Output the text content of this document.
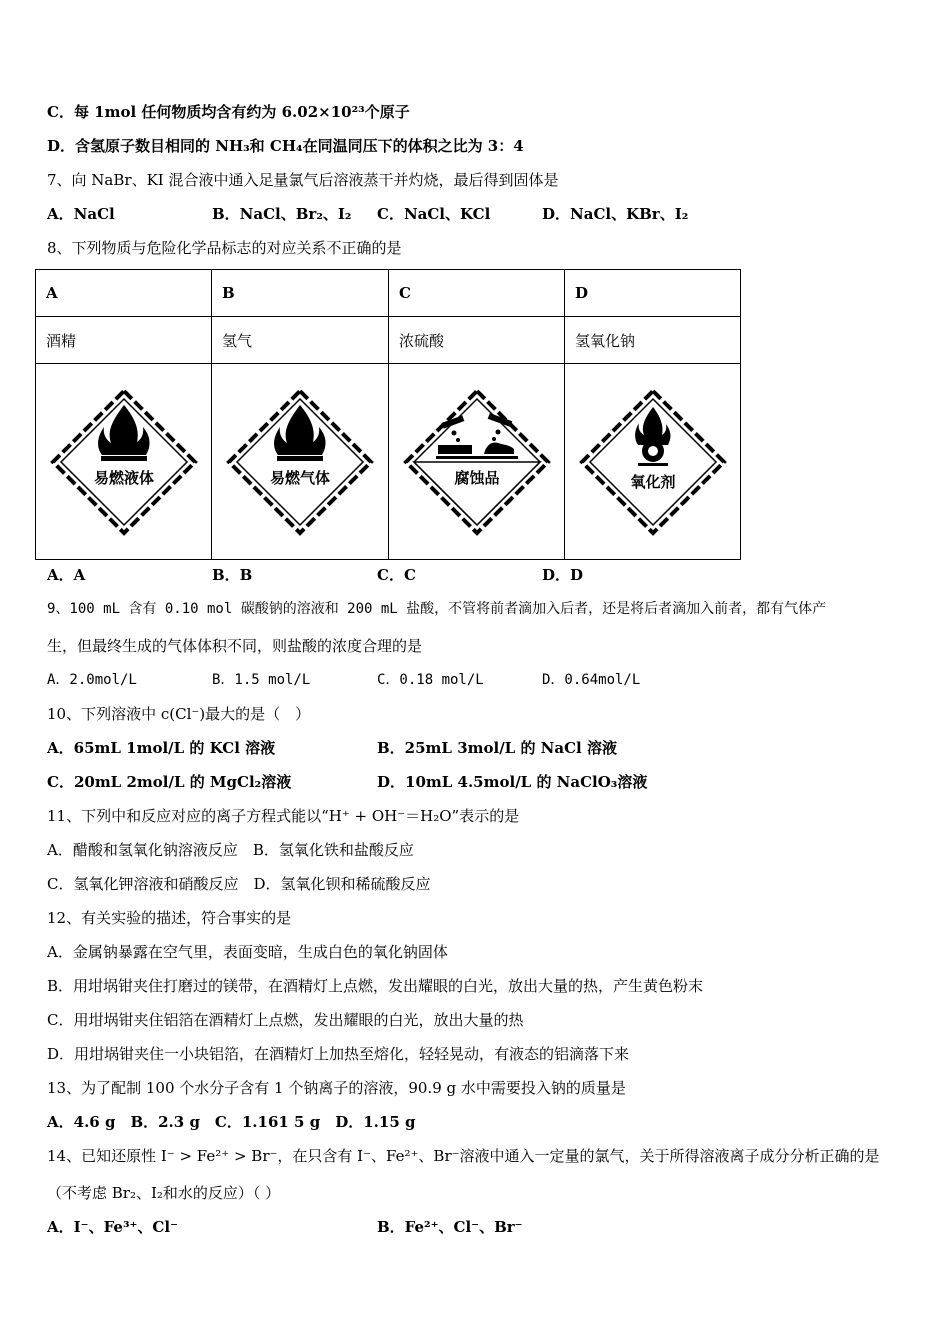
C．每 1mol 任何物质均含有约为 6.02×10²³个原子
D．含氢原子数目相同的 NH₃和 CH₄在同温同压下的体积之比为 3：4
7、向 NaBr、KI 混合液中通入足量氯气后溶液蒸干并灼烧，最后得到固体是
A．NaCl	B．NaCl、Br₂、I₂ C．NaCl、KCl	D．NaCl、KBr、I₂
8、下列物质与危险化学品标志的对应关系不正确的是
A	B	C	D
酒精	氢气	浓硫酸	氢氧化钠

易燃液体	易燃气体	腐蚀品	氧化剂
A．A	B．B	C．C	D．D
9、100 mL 含有 0.10 mol 碳酸钠的溶液和 200 mL 盐酸，不管将前者滴加入后者，还是将后者滴加入前者，都有气体产
生，但最终生成的气体体积不同，则盐酸的浓度合理的是
A．2.0mol/L	B．1.5 mol/L	C．0.18 mol/L	D．0.64mol/L
10、下列溶液中 c(Cl⁻)最大的是（　）
A．65mL 1mol/L 的 KCl 溶液	B．25mL 3mol/L 的 NaCl 溶液
C．20mL 2mol/L 的 MgCl₂溶液	D．10mL 4.5mol/L 的 NaClO₃溶液
11、下列中和反应对应的离子方程式能以“H⁺ + OH⁻＝H₂O”表示的是
A．醋酸和氢氧化钠溶液反应　B．氢氧化铁和盐酸反应
C．氢氧化钾溶液和硝酸反应　D．氢氧化钡和稀硫酸反应
12、有关实验的描述，符合事实的是
A．金属钠暴露在空气里，表面变暗，生成白色的氧化钠固体
B．用坩埚钳夹住打磨过的镁带，在酒精灯上点燃，发出耀眼的白光，放出大量的热，产生黄色粉末
C．用坩埚钳夹住铝箔在酒精灯上点燃，发出耀眼的白光，放出大量的热
D．用坩埚钳夹住一小块铝箔，在酒精灯上加热至熔化，轻轻晃动，有液态的铝滴落下来
13、为了配制 100 个水分子含有 1 个钠离子的溶液，90.9 g 水中需要投入钠的质量是
A．4.6 g　B．2.3 g　C．1.161 5 g　D．1.15 g
14、已知还原性 I⁻ > Fe²⁺ > Br⁻，在只含有 I⁻、Fe²⁺、Br⁻溶液中通入一定量的氯气，关于所得溶液离子成分分析正确的是
（不考虑 Br₂、I₂和水的反应）（ ）
A．I⁻、Fe³⁺、Cl⁻	B．Fe²⁺、Cl⁻、Br⁻
